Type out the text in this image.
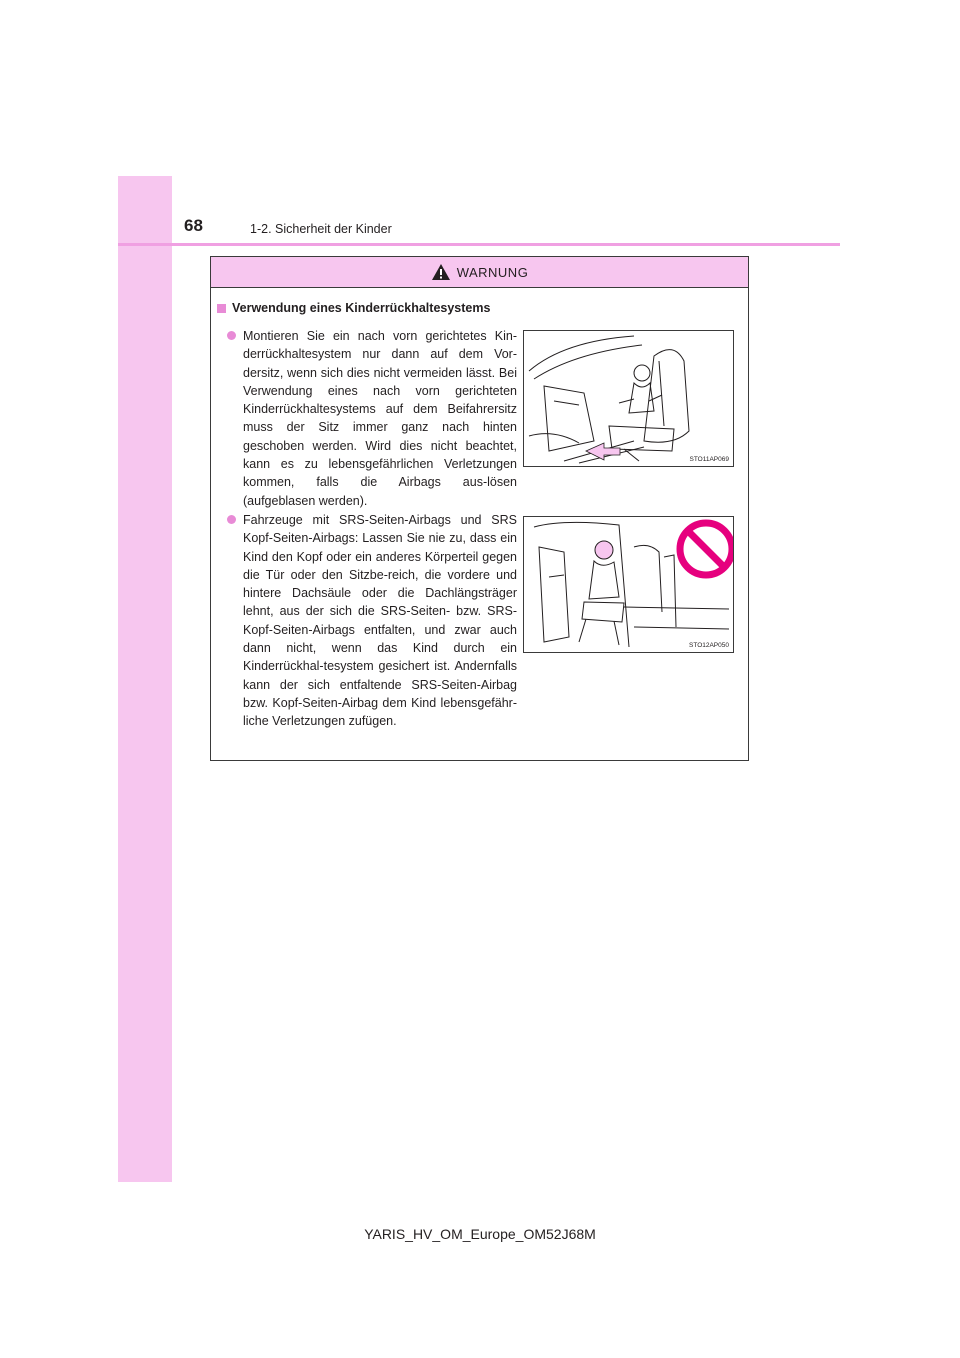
68	1-2. Sicherheit der Kinder
WARNUNG
Verwendung eines Kinderrückhaltesystems

Montieren Sie ein nach vorn gerichtetes Kin-derrückhaltesystem nur dann auf dem Vor-dersitz, wenn sich dies nicht vermeiden lässt. Bei Verwendung eines nach vorn gerichteten Kinderrückhaltesystems auf dem Beifahrersitz muss der Sitz immer ganz nach hinten geschoben werden. Wird dies nicht beachtet, kann es zu lebensgefährlichen Verletzungen kommen, falls die Airbags aus-lösen (aufgeblasen werden).

STO11AP069

Fahrzeuge mit SRS-Seiten-Airbags und SRS Kopf-Seiten-Airbags: Lassen Sie nie zu, dass ein Kind den Kopf oder ein anderes Körperteil gegen die Tür oder den Sitzbe-reich, die vordere und hintere Dachsäule oder die Dachlängsträger lehnt, aus der sich die SRS-Seiten- bzw. SRS-Kopf-Seiten-Airbags entfalten, und zwar auch dann nicht, wenn das Kind durch ein Kinderrückhal-tesystem gesichert ist. Andernfalls kann der sich entfaltende SRS-Seiten-Airbag bzw. Kopf-Seiten-Airbag dem Kind lebensgefähr-liche Verletzungen zufügen.

STO12AP050
YARIS_HV_OM_Europe_OM52J68M
